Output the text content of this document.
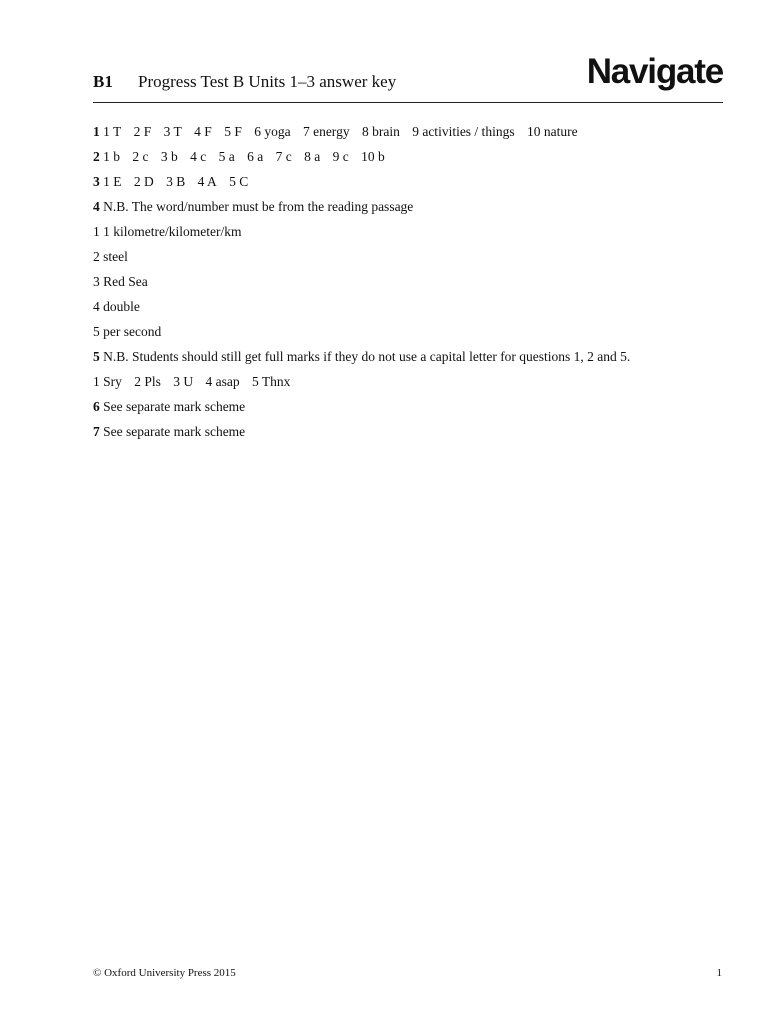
B1 Progress Test B Units 1–3 answer key	Navigate
1 1 T 2 F 3 T 4 F 5 F 6 yoga 7 energy 8 brain 9 activities / things 10 nature
2 1 b 2 c 3 b 4 c 5 a 6 a 7 c 8 a 9 c 10 b
3 1 E 2 D 3 B 4 A 5 C
4 N.B. The word/number must be from the reading passage
1 1 kilometre/kilometer/km
2 steel
3 Red Sea
4 double
5 per second
5 N.B. Students should still get full marks if they do not use a capital letter for questions 1, 2 and 5.
1 Sry 2 Pls 3 U 4 asap 5 Thnx
6 See separate mark scheme
7 See separate mark scheme
© Oxford University Press 2015	1
